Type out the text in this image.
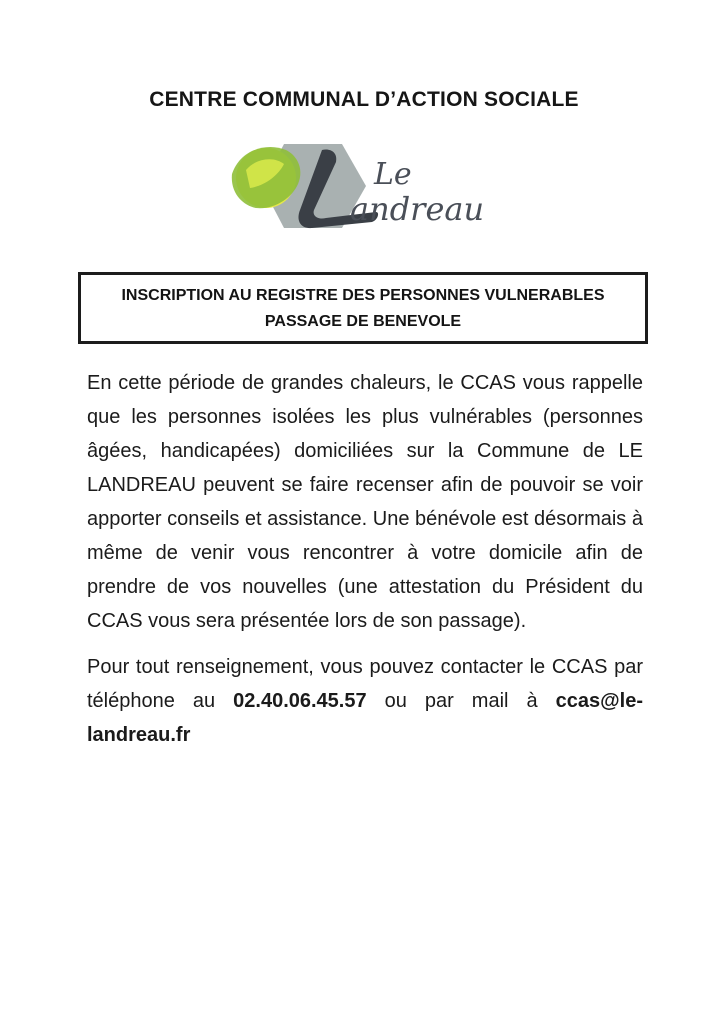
CENTRE COMMUNAL D’ACTION SOCIALE
Le
andreau
INSCRIPTION AU REGISTRE DES PERSONNES VULNERABLES
PASSAGE DE BENEVOLE

En cette période de grandes chaleurs, le CCAS vous rappelle que les personnes isolées les plus vulnérables (personnes âgées, handicapées) domiciliées sur la Commune de LE LANDREAU peuvent se faire recenser afin de pouvoir se voir apporter conseils et assistance. Une bénévole est désormais à même de venir vous rencontrer à votre domicile afin de prendre de vos nouvelles (une attestation du Président du CCAS vous sera présentée lors de son passage).

Pour tout renseignement, vous pouvez contacter le CCAS par téléphone au 02.40.06.45.57 ou par mail à ccas@le-landreau.fr
